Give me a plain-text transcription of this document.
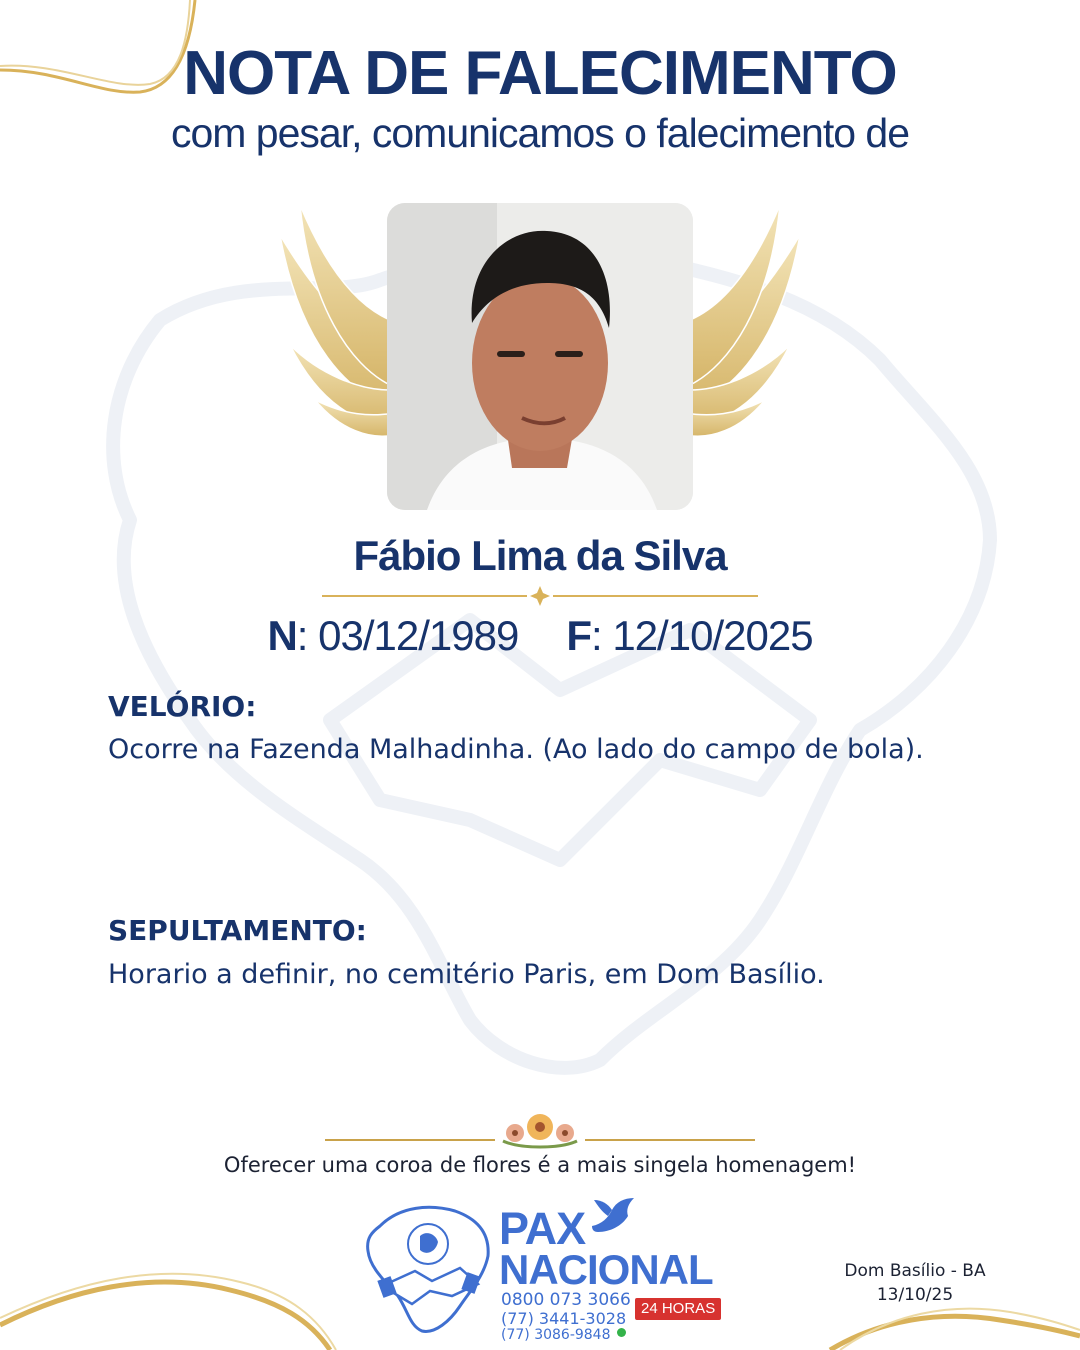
NOTA DE FALECIMENTO
com pesar, comunicamos o falecimento de
Fábio Lima da Silva
N: 03/12/1989 F: 12/10/2025
VELÓRIO:
Ocorre na Fazenda Malhadinha. (Ao lado do campo de bola).
SEPULTAMENTO:
Horario a definir, no cemitério Paris, em Dom Basílio.
Oferecer uma coroa de flores é a mais singela homenagem!
PAX
NACIONAL
0800 073 3066
(77) 3441-3028
(77) 3086-9848
24 HORAS
Dom Basílio - BA
13/10/25
